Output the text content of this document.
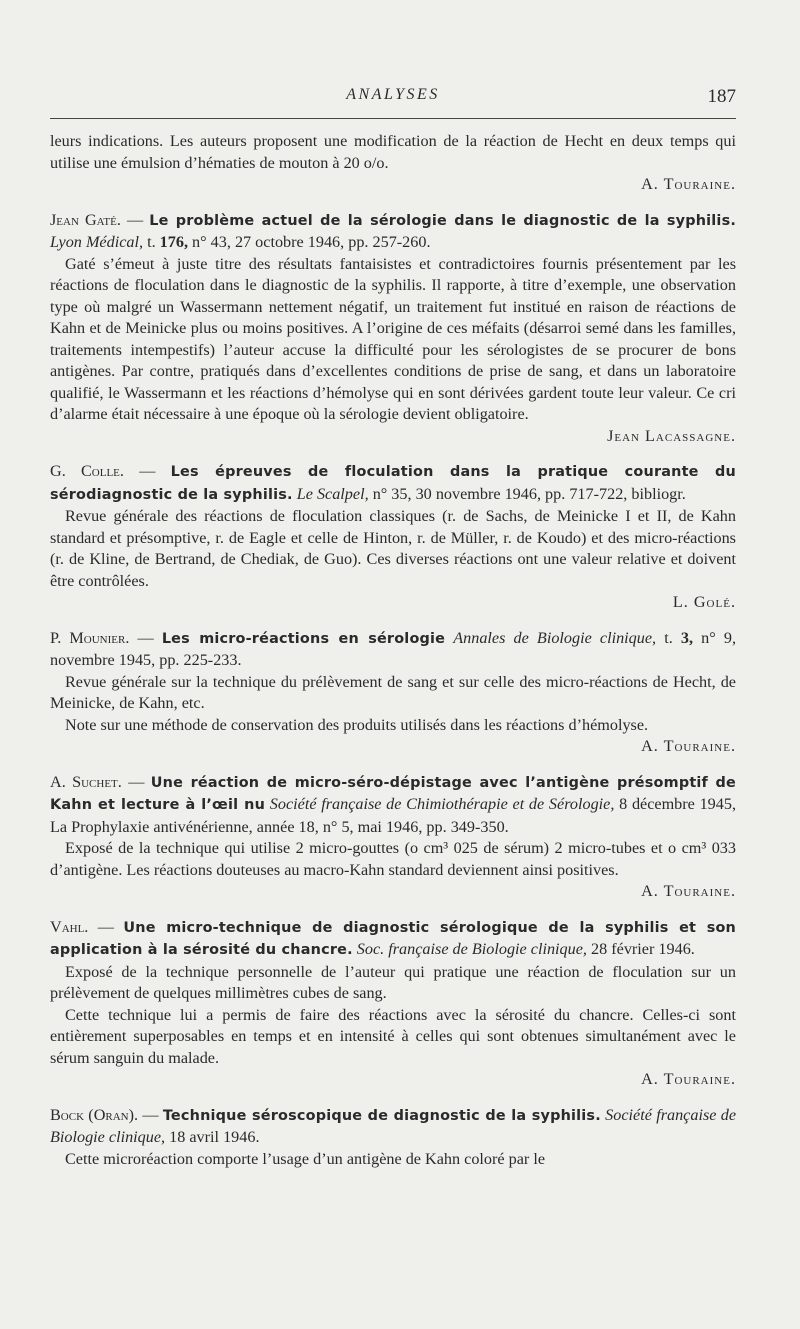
ANALYSES	187

leurs indications. Les auteurs proposent une modification de la réaction de Hecht en deux temps qui utilise une émulsion d’hématies de mouton à 20 o/o.

A. Touraine.

Jean Gaté. — Le problème actuel de la sérologie dans le diagnostic de la syphilis. Lyon Médical, t. 176, n° 43, 27 octobre 1946, pp. 257-260.

Gaté s’émeut à juste titre des résultats fantaisistes et contradictoires fournis présentement par les réactions de floculation dans le diagnostic de la syphilis. Il rapporte, à titre d’exemple, une observation type où malgré un Wassermann nettement négatif, un traitement fut institué en raison de réactions de Kahn et de Meinicke plus ou moins positives. A l’origine de ces méfaits (désarroi semé dans les familles, traitements intempestifs) l’auteur accuse la difficulté pour les sérologistes de se procurer de bons antigènes. Par contre, pratiqués dans d’excellentes conditions de prise de sang, et dans un laboratoire qualifié, le Wassermann et les réactions d’hémolyse qui en sont dérivées gardent toute leur valeur. Ce cri d’alarme était nécessaire à une époque où la sérologie devient obligatoire.

Jean Lacassagne.

G. Colle. — Les épreuves de floculation dans la pratique courante du sérodiagnostic de la syphilis. Le Scalpel, n° 35, 30 novembre 1946, pp. 717-722, bibliogr.

Revue générale des réactions de floculation classiques (r. de Sachs, de Meinicke I et II, de Kahn standard et présomptive, r. de Eagle et celle de Hinton, r. de Müller, r. de Koudo) et des micro-réactions (r. de Kline, de Bertrand, de Chediak, de Guo). Ces diverses réactions ont une valeur relative et doivent être contrôlées.

L. Golé.

P. Mounier. — Les micro-réactions en sérologie Annales de Biologie clinique, t. 3, n° 9, novembre 1945, pp. 225-233.

Revue générale sur la technique du prélèvement de sang et sur celle des micro-réactions de Hecht, de Meinicke, de Kahn, etc.

Note sur une méthode de conservation des produits utilisés dans les réactions d’hémolyse.

A. Touraine.

A. Suchet. — Une réaction de micro-séro-dépistage avec l’antigène présomptif de Kahn et lecture à l’œil nu Société française de Chimiothérapie et de Sérologie, 8 décembre 1945, La Prophylaxie antivénérienne, année 18, n° 5, mai 1946, pp. 349-350.

Exposé de la technique qui utilise 2 micro-gouttes (o cm³ 025 de sérum) 2 micro-tubes et o cm³ 033 d’antigène. Les réactions douteuses au macro-Kahn standard deviennent ainsi positives.

A. Touraine.

Vahl. — Une micro-technique de diagnostic sérologique de la syphilis et son application à la sérosité du chancre. Soc. française de Biologie clinique, 28 février 1946.

Exposé de la technique personnelle de l’auteur qui pratique une réaction de floculation sur un prélèvement de quelques millimètres cubes de sang.

Cette technique lui a permis de faire des réactions avec la sérosité du chancre. Celles-ci sont entièrement superposables en temps et en intensité à celles qui sont obtenues simultanément avec le sérum sanguin du malade.

A. Touraine.

Bock (Oran). — Technique séroscopique de diagnostic de la syphilis. Société française de Biologie clinique, 18 avril 1946.

Cette microréaction comporte l’usage d’un antigène de Kahn coloré par le
